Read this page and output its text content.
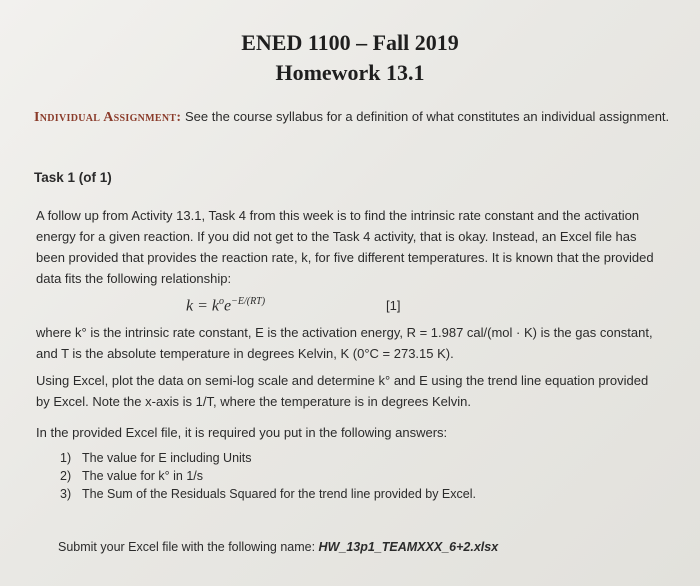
ENED 1100 – Fall 2019
Homework 13.1
Individual Assignment: See the course syllabus for a definition of what constitutes an individual assignment.
Task 1 (of 1)
A follow up from Activity 13.1, Task 4 from this week is to find the intrinsic rate constant and the activation energy for a given reaction. If you did not get to the Task 4 activity, that is okay. Instead, an Excel file has been provided that provides the reaction rate, k, for five different temperatures. It is known that the provided data fits the following relationship:
$k = k^oe^{-E/(RT)}$	[1]
where k° is the intrinsic rate constant, E is the activation energy, R = 1.987 cal/(mol · K) is the gas constant, and T is the absolute temperature in degrees Kelvin, K (0°C = 273.15 K).
Using Excel, plot the data on semi-log scale and determine k° and E using the trend line equation provided by Excel. Note the x-axis is 1/T, where the temperature is in degrees Kelvin.
In the provided Excel file, it is required you put in the following answers:
1) The value for E including Units
2) The value for k° in 1/s
3) The Sum of the Residuals Squared for the trend line provided by Excel.
Submit your Excel file with the following name: HW_13p1_TEAMXXX_6+2.xlsx
